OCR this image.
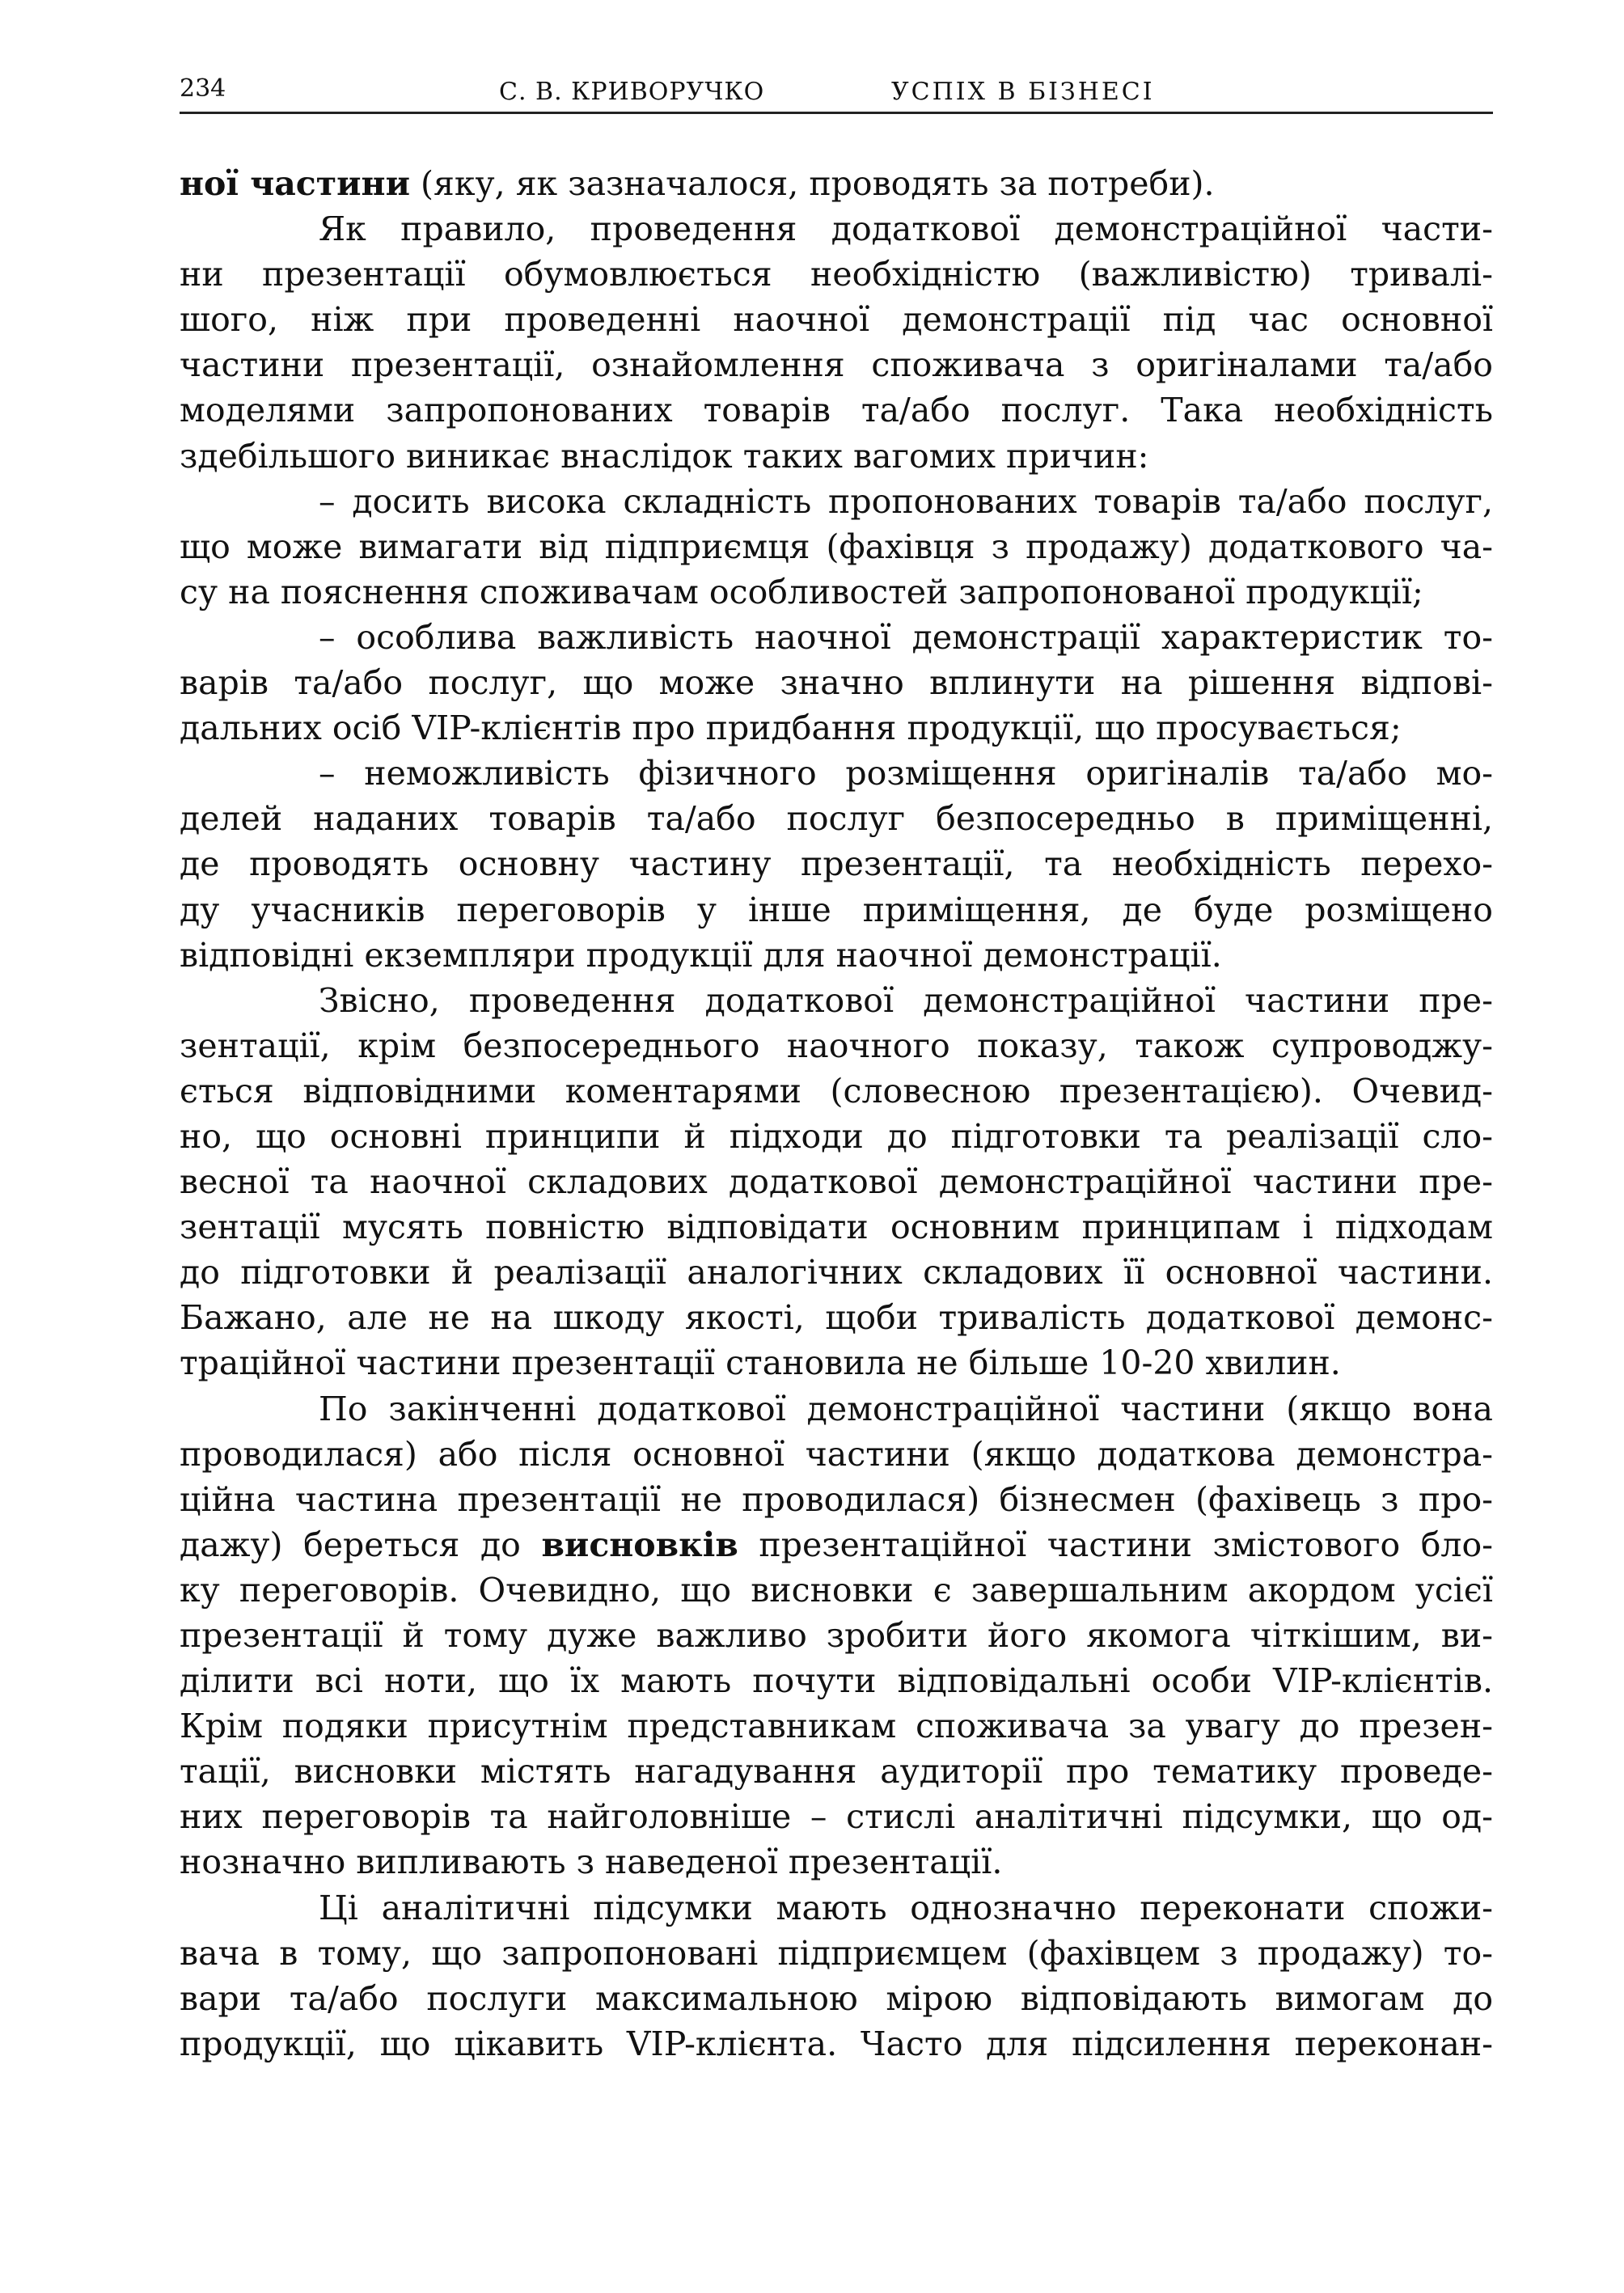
234	С. В. КРИВОРУЧКО	УСПІХ В БІЗНЕСІ
ної частини (яку, як зазначалося, проводять за потреби).
Як правило, проведення додаткової демонстраційної части-
ни презентації обумовлюється необхідністю (важливістю) тривалі-
шого, ніж при проведенні наочної демонстрації під час основної
частини презентації, ознайомлення споживача з оригіналами та/або
моделями запропонованих товарів та/або послуг. Така необхідність
здебільшого виникає внаслідок таких вагомих причин:
– досить висока складність пропонованих товарів та/або послуг,
що може вимагати від підприємця (фахівця з продажу) додаткового ча-
су на пояснення споживачам особливостей запропонованої продукції;
– особлива важливість наочної демонстрації характеристик то-
варів та/або послуг, що може значно вплинути на рішення відпові-
дальних осіб VIP-клієнтів про придбання продукції, що просувається;
– неможливість фізичного розміщення оригіналів та/або мо-
делей наданих товарів та/або послуг безпосередньо в приміщенні,
де проводять основну частину презентації, та необхідність перехо-
ду учасників переговорів у інше приміщення, де буде розміщено
відповідні екземпляри продукції для наочної демонстрації.
Звісно, проведення додаткової демонстраційної частини пре-
зентації, крім безпосереднього наочного показу, також супроводжу-
ється відповідними коментарями (словесною презентацією). Очевид-
но, що основні принципи й підходи до підготовки та реалізації сло-
весної та наочної складових додаткової демонстраційної частини пре-
зентації мусять повністю відповідати основним принципам і підходам
до підготовки й реалізації аналогічних складових її основної частини.
Бажано, але не на шкоду якості, щоби тривалість додаткової демонс-
траційної частини презентації становила не більше 10-20 хвилин.
По закінченні додаткової демонстраційної частини (якщо вона
проводилася) або після основної частини (якщо додаткова демонстра-
ційна частина презентації не проводилася) бізнесмен (фахівець з про-
дажу) береться до висновків презентаційної частини змістового бло-
ку переговорів. Очевидно, що висновки є завершальним акордом усієї
презентації й тому дуже важливо зробити його якомога чіткішим, ви-
ділити всі ноти, що їх мають почути відповідальні особи VIP-клієнтів.
Крім подяки присутнім представникам споживача за увагу до презен-
тації, висновки містять нагадування аудиторії про тематику проведе-
них переговорів та найголовніше – стислі аналітичні підсумки, що од-
нозначно випливають з наведеної презентації.
Ці аналітичні підсумки мають однозначно переконати спожи-
вача в тому, що запропоновані підприємцем (фахівцем з продажу) то-
вари та/або послуги максимальною мірою відповідають вимогам до
продукції, що цікавить VIP-клієнта. Часто для підсилення переконан-
